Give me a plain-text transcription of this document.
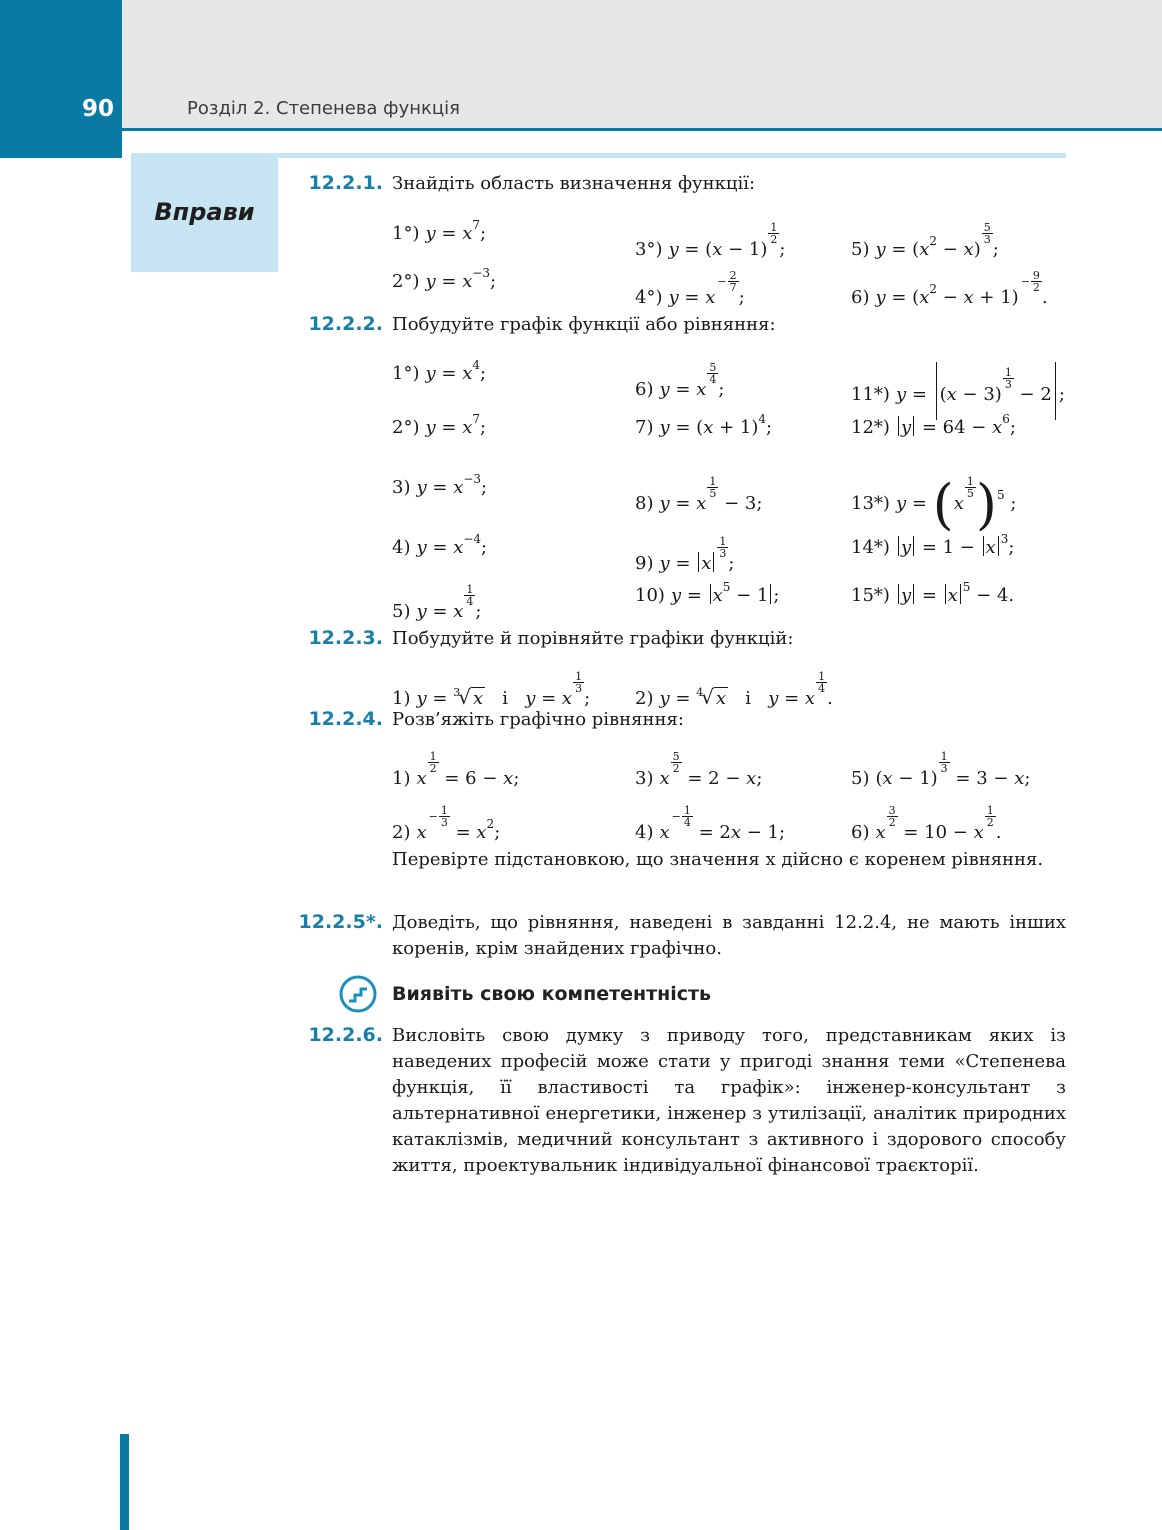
90	Розділ 2. Степенева функція
Вправи
12.2.1. Знайдіть область визначення функції:
1°) $y = x^7$;
2°) $y = x^{-3}$;
3°) y = (x − 1)
$\frac{1}{2}$
;
4°) $y = x^- \frac{2}{7}$
;
5) $y = (x^2 - x)$
$\frac{5}{3}$
;
6) $y = (x^2 - x + 1)^- \frac{9}{2}$
.
12.2.2. Побудуйте графік функції або рівняння:
1°) $y = x^4$;
2°) $y = x^7$;
3) $y = x^{-3}$;
4) $y = x^{-4}$;
5) y = x
$\frac{1}{4}$
;
6) y = x
$\frac{5}{4}$
;
7) $y = (x + 1)^4$;
8) y = x
$\frac{1}{5}$
− 3;
9) y = x
$\frac{1}{3}$
;
10) $y = x^5 - 1$ ;
11*) y = (x − 3)
$\frac{1}{3}$
− 2 ;
12*) $y = 64 - x^6$;
13*) y = (x
$\frac{1}{5} )^5$ ;
14*) y = 1 − x $^3$;
15*) y = x $^5$ − 4.
12.2.3. Побудуйте й порівняйте графіки функцій:
1) y = $^3$√ x і y = x
$\frac{1}{3}$
; 2) y = $^4$√ x і y = x
$\frac{1}{4}$
.
12.2.4. Розв’яжіть графічно рівняння:
1) x
$\frac{1}{2}$
= 6 − x;
2) $x^- \frac{1}{3}$
= $x^2$;
3) x
$\frac{5}{2}$
= 2 − x;
4) $x^- \frac{1}{4}$
= 2x − 1;
5) (x − 1)
$\frac{1}{3}$
= 3 − x;
6) x
$\frac{3}{2}$
= 10 − x
$\frac{1}{2}$
.
Перевірте підстановкою, що значення x дійсно є коренем рівняння.
12.2.5*. Доведіть, що рівняння, наведені в завданні 12.2.4, не мають інших коренів, крім знайдених графічно.
Виявіть свою компетентність
12.2.6. Висловіть свою думку з приводу того, представникам яких із наведених професій може стати у пригоді знання теми «Степенева функція, її властивості та графік»: інженер-консультант з альтернативної енергетики, інженер з утилізації, аналітик природних катаклізмів, медичний консультант з активного і здорового способу життя, проектувальник індивідуальної фінансової траєкторії.
